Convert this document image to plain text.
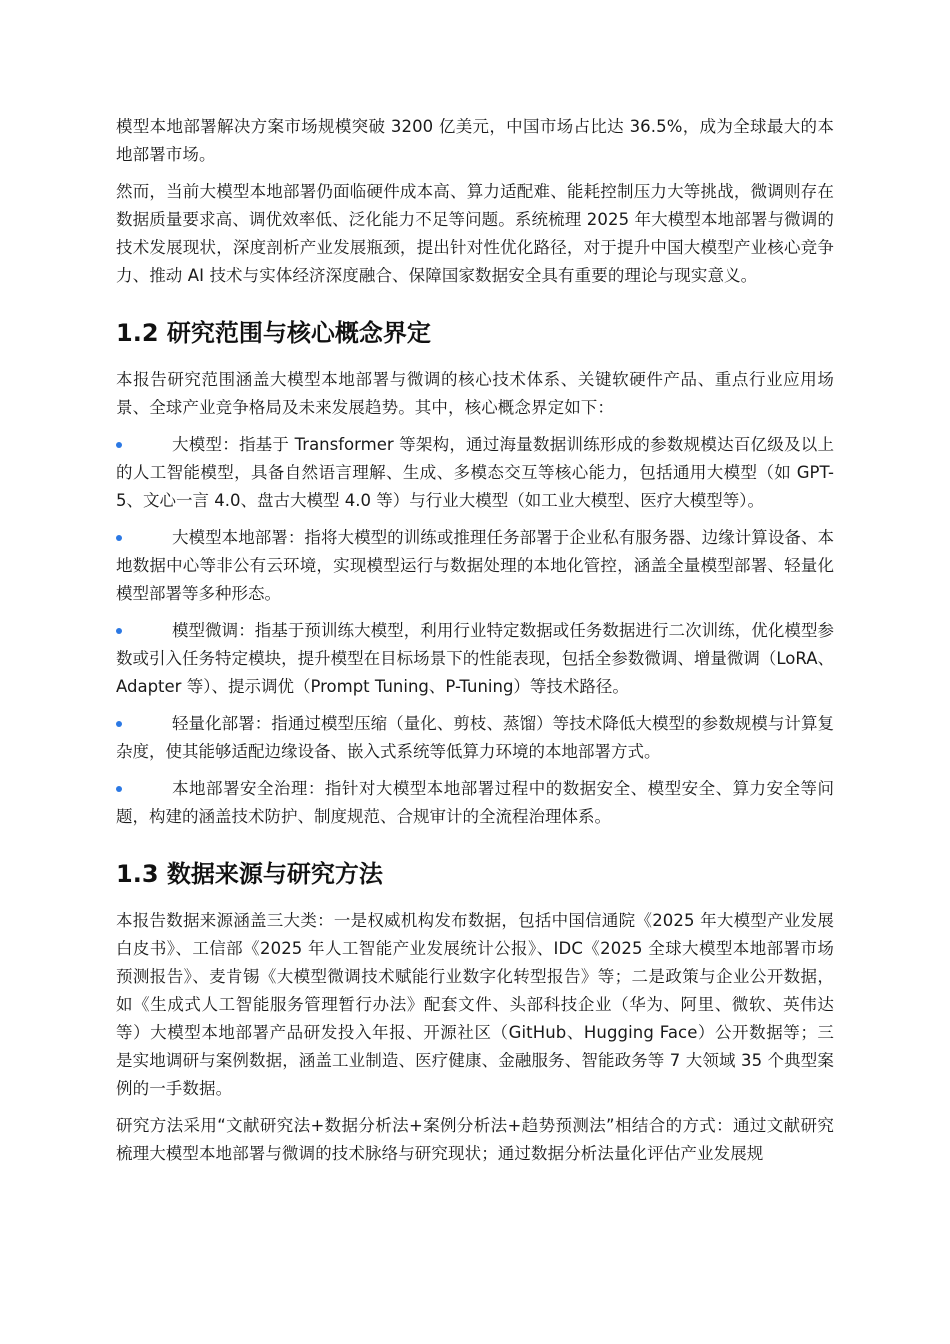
模型本地部署解决方案市场规模突破 3200 亿美元，中国市场占比达 36.5%，成为全球最大的本地部署市场。

然而，当前大模型本地部署仍面临硬件成本高、算力适配难、能耗控制压力大等挑战，微调则存在数据质量要求高、调优效率低、泛化能力不足等问题。系统梳理 2025 年大模型本地部署与微调的技术发展现状，深度剖析产业发展瓶颈，提出针对性优化路径，对于提升中国大模型产业核心竞争力、推动 AI 技术与实体经济深度融合、保障国家数据安全具有重要的理论与现实意义。

1.2 研究范围与核心概念界定

本报告研究范围涵盖大模型本地部署与微调的核心技术体系、关键软硬件产品、重点行业应用场景、全球产业竞争格局及未来发展趋势。其中，核心概念界定如下：

大模型：指基于 Transformer 等架构，通过海量数据训练形成的参数规模达百亿级及以上的人工智能模型，具备自然语言理解、生成、多模态交互等核心能力，包括通用大模型（如 GPT-5、文心一言 4.0、盘古大模型 4.0 等）与行业大模型（如工业大模型、医疗大模型等）。
大模型本地部署：指将大模型的训练或推理任务部署于企业私有服务器、边缘计算设备、本地数据中心等非公有云环境，实现模型运行与数据处理的本地化管控，涵盖全量模型部署、轻量化模型部署等多种形态。
模型微调：指基于预训练大模型，利用行业特定数据或任务数据进行二次训练，优化模型参数或引入任务特定模块，提升模型在目标场景下的性能表现，包括全参数微调、增量微调（LoRA、Adapter 等）、提示调优（Prompt Tuning、P-Tuning）等技术路径。
轻量化部署：指通过模型压缩（量化、剪枝、蒸馏）等技术降低大模型的参数规模与计算复杂度，使其能够适配边缘设备、嵌入式系统等低算力环境的本地部署方式。
本地部署安全治理：指针对大模型本地部署过程中的数据安全、模型安全、算力安全等问题，构建的涵盖技术防护、制度规范、合规审计的全流程治理体系。
1.3 数据来源与研究方法

本报告数据来源涵盖三大类：一是权威机构发布数据，包括中国信通院《2025 年大模型产业发展白皮书》、工信部《2025 年人工智能产业发展统计公报》、IDC《2025 全球大模型本地部署市场预测报告》、麦肯锡《大模型微调技术赋能行业数字化转型报告》等；二是政策与企业公开数据，如《生成式人工智能服务管理暂行办法》配套文件、头部科技企业（华为、阿里、微软、英伟达等）大模型本地部署产品研发投入年报、开源社区（GitHub、Hugging Face）公开数据等；三是实地调研与案例数据，涵盖工业制造、医疗健康、金融服务、智能政务等 7 大领域 35 个典型案例的一手数据。

研究方法采用“文献研究法+数据分析法+案例分析法+趋势预测法”相结合的方式：通过文献研究梳理大模型本地部署与微调的技术脉络与研究现状；通过数据分析法量化评估产业发展规
